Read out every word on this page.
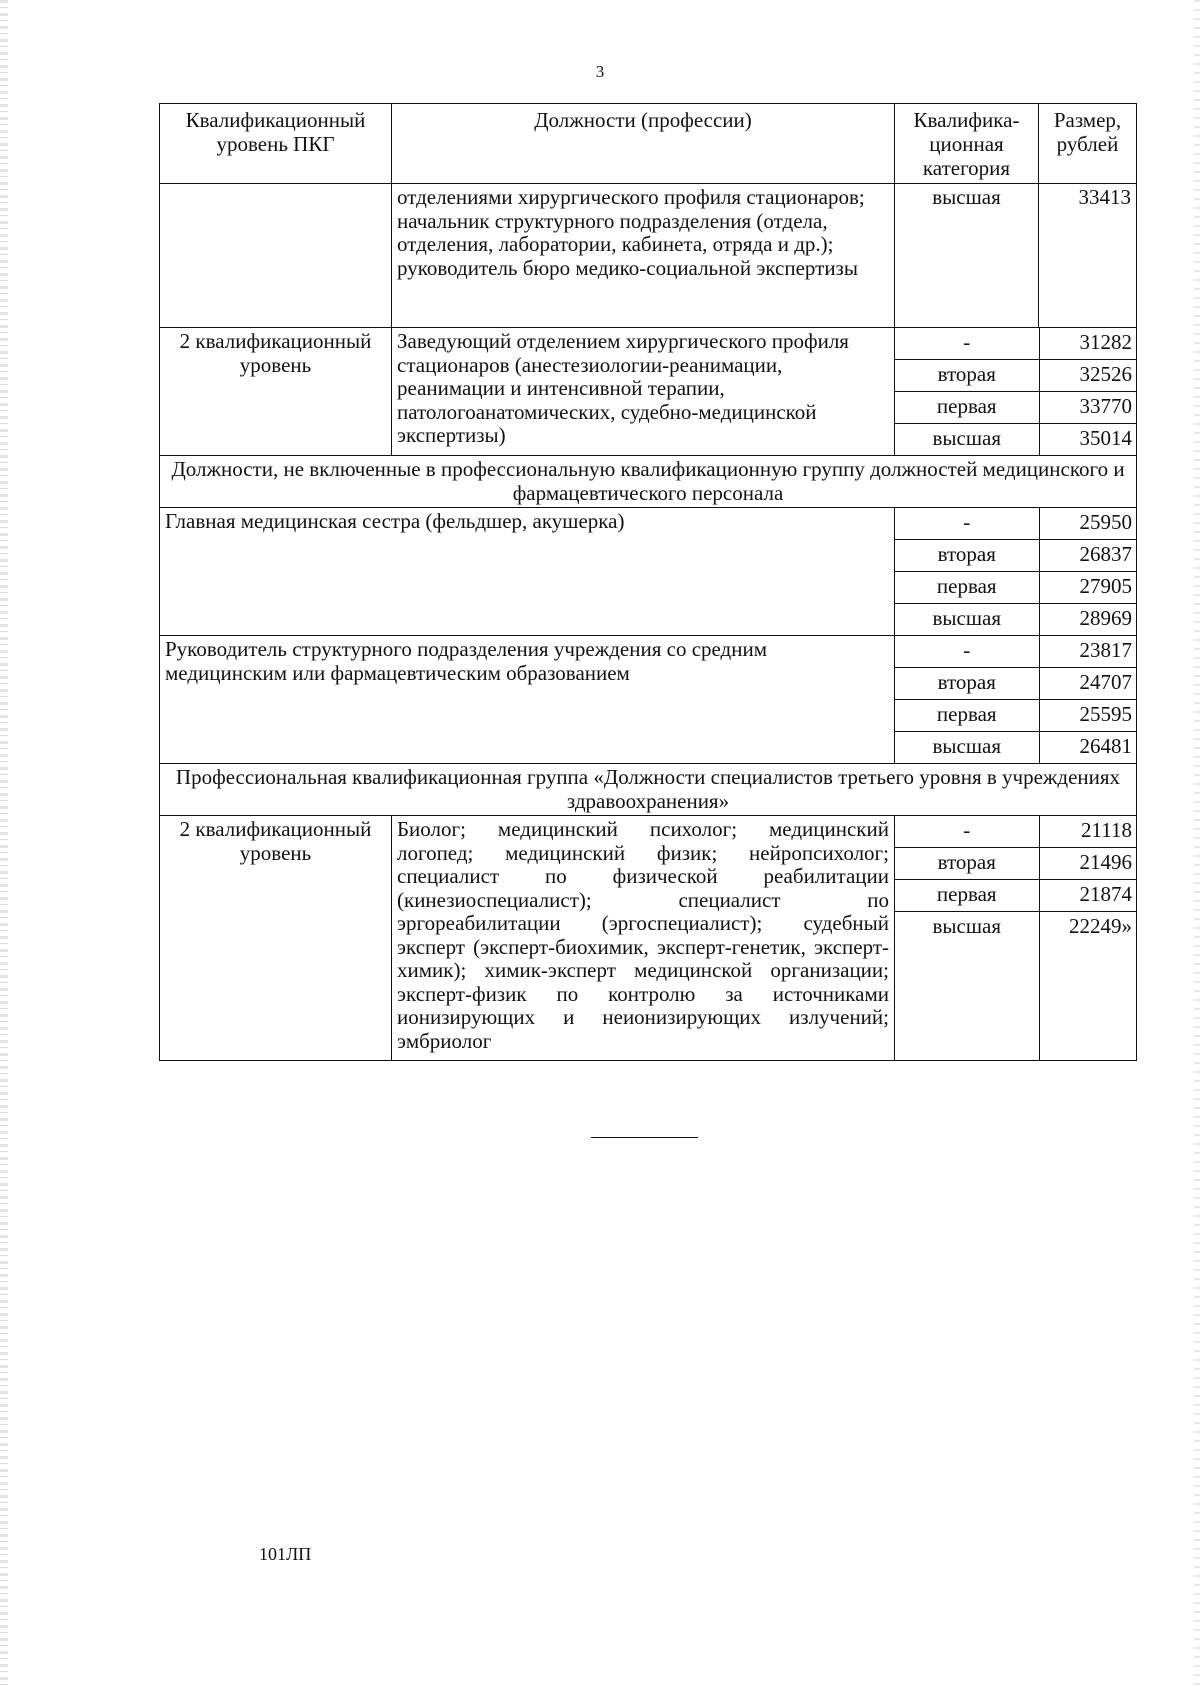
3
Квалификационный уровень ПКГ	Должности (профессии)	Квалифика-ционная категория	Размер, рублей
	отделениями хирургического профиля стационаров; начальник структурного подразделения (отдела, отделения, лаборатории, кабинета, отряда и др.); руководитель бюро медико-социальной экспертизы	высшая	33413
2 квалификационный уровень	Заведующий отделением хирургического профиля стационаров (анестезиологии-реанимации, реанимации и интенсивной терапии, патологоанатомических, судебно-медицинской экспертизы)	
-	31282
вторая	32526
первая	33770
высшая	35014

Должности, не включенные в профессиональную квалификационную группу должностей медицинского и фармацевтического персонала
Главная медицинская сестра (фельдшер, акушерка)		-	25950
вторая	26837
первая	27905
высшая	28969

Руководитель структурного подразделения учреждения со средним медицинским или фармацевтическим образованием	
-	23817
вторая	24707
первая	25595
высшая	26481

Профессиональная квалификационная группа «Должности специалистов третьего уровня в учреждениях здравоохранения»
2 квалификационный уровень	Биолог; медицинский психолог; медицинский логопед; медицинский физик; нейропсихолог; специалист по физической реабилитации (кинезиоспециалист); специалист по эргореабилитации (эргоспециалист); судебный эксперт (эксперт-биохимик, эксперт-генетик, эксперт-химик); химик-эксперт медицинской организации; эксперт-физик по контролю за источниками ионизирующих и неионизирующих излучений; эмбриолог	
-	21118
вторая	21496
первая	21874
высшая	22249»
101ЛП
